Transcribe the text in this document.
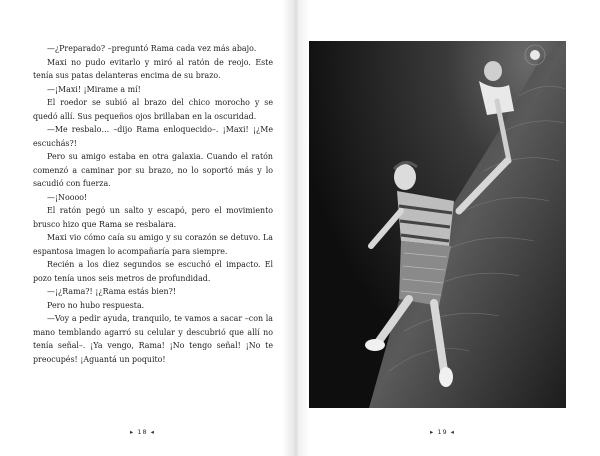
—¿Preparado? –preguntó Rama cada vez más abajo.

Maxi no pudo evitarlo y miró al ratón de reojo. Este tenía sus patas delanteras encima de su brazo.

—¡Maxi! ¡Mirame a mí!

El roedor se subió al brazo del chico morocho y se quedó allí. Sus pequeños ojos brillaban en la oscuridad.

—Me resbalo… –dijo Rama enloquecido–. ¡Maxi! ¡¿Me escuchás?!

Pero su amigo estaba en otra galaxia. Cuando el ratón comenzó a caminar por su brazo, no lo soportó más y lo sacudió con fuerza.

—¡Noooo!

El ratón pegó un salto y escapó, pero el movimiento brusco hizo que Rama se resbalara.

Maxi vio cómo caía su amigo y su corazón se detuvo. La espantosa imagen lo acompañaría para siempre.

Recién a los diez segundos se escuchó el impacto. El pozo tenía unos seis metros de profundidad.

—¡¿Rama?! ¡¿Rama estás bien?!

Pero no hubo respuesta.

—Voy a pedir ayuda, tranquilo, te vamos a sacar –con la mano temblando agarró su celular y descubrió que allí no tenía señal–. ¡Ya vengo, Rama! ¡No tengo señal! ¡No te preocupés! ¡Aguantá un poquito!

▸ 18 ◂	▸ 19 ◂
